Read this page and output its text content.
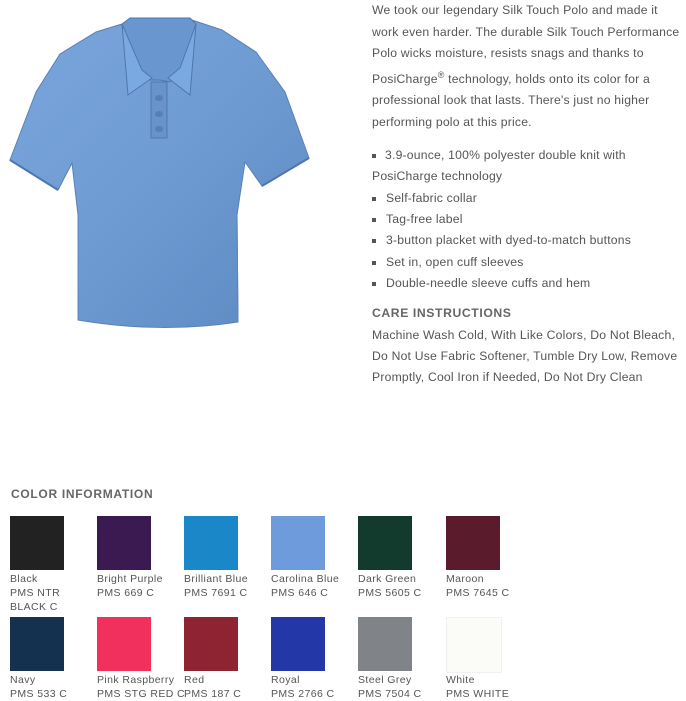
We took our legendary Silk Touch Polo and made it work even harder. The durable Silk Touch Performance Polo wicks moisture, resists snags and thanks to PosiCharge® technology, holds onto its color for a professional look that lasts. There's just no higher performing polo at this price.

3.9-ounce, 100% polyester double knit with PosiCharge technology
Self-fabric collar
Tag-free label
3-button placket with dyed-to-match buttons
Set in, open cuff sleeves
Double-needle sleeve cuffs and hem
CARE INSTRUCTIONS
Machine Wash Cold, With Like Colors, Do Not Bleach, Do Not Use Fabric Softener, Tumble Dry Low, Remove Promptly, Cool Iron if Needed, Do Not Dry Clean
COLOR INFORMATION
Black
PMS NTR BLACK C
Bright Purple
PMS 669 C
Brilliant Blue
PMS 7691 C
Carolina Blue
PMS 646 C
Dark Green
PMS 5605 C
Maroon
PMS 7645 C
Navy
PMS 533 C
Pink Raspberry
PMS STG RED C
Red
PMS 187 C
Royal
PMS 2766 C
Steel Grey
PMS 7504 C
White
PMS WHITE
